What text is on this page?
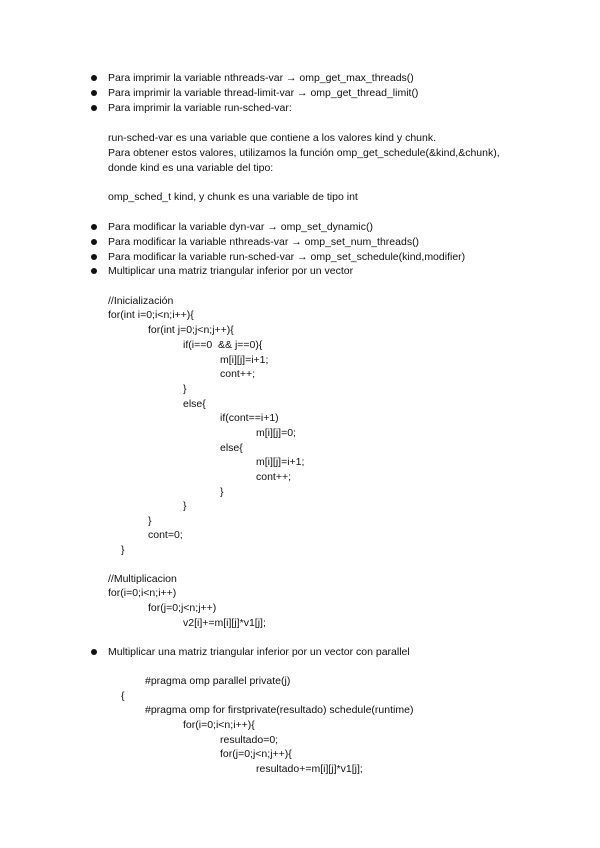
Para imprimir la variable nthreads-var → omp_get_max_threads()
Para imprimir la variable thread-limit-var → omp_get_thread_limit()
Para imprimir la variable run-sched-var:
run-sched-var es una variable que contiene a los valores kind y chunk.
Para obtener estos valores, utilizamos la función omp_get_schedule(&kind,&chunk),
donde kind es una variable del tipo:
omp_sched_t kind, y chunk es una variable de tipo int
Para modificar la variable dyn-var → omp_set_dynamic()
Para modificar la variable nthreads-var → omp_set_num_threads()
Para modificar la variable run-sched-var → omp_set_schedule(kind,modifier)
Multiplicar una matriz triangular inferior por un vector
//Inicialización
for(int i=0;i<n;i++){
for(int j=0;j<n;j++){
if(i==0  && j==0){
m[i][j]=i+1;
cont++;
}
else{
if(cont==i+1)
m[i][j]=0;
else{
m[i][j]=i+1;
cont++;
}
}
}
cont=0;
}
//Multiplicacion
for(i=0;i<n;i++)
for(j=0;j<n;j++)
v2[i]+=m[i][j]*v1[j];
Multiplicar una matriz triangular inferior por un vector con parallel
#pragma omp parallel private(j)
{
#pragma omp for firstprivate(resultado) schedule(runtime)
for(i=0;i<n;i++){
resultado=0;
for(j=0;j<n;j++){
resultado+=m[i][j]*v1[j];
